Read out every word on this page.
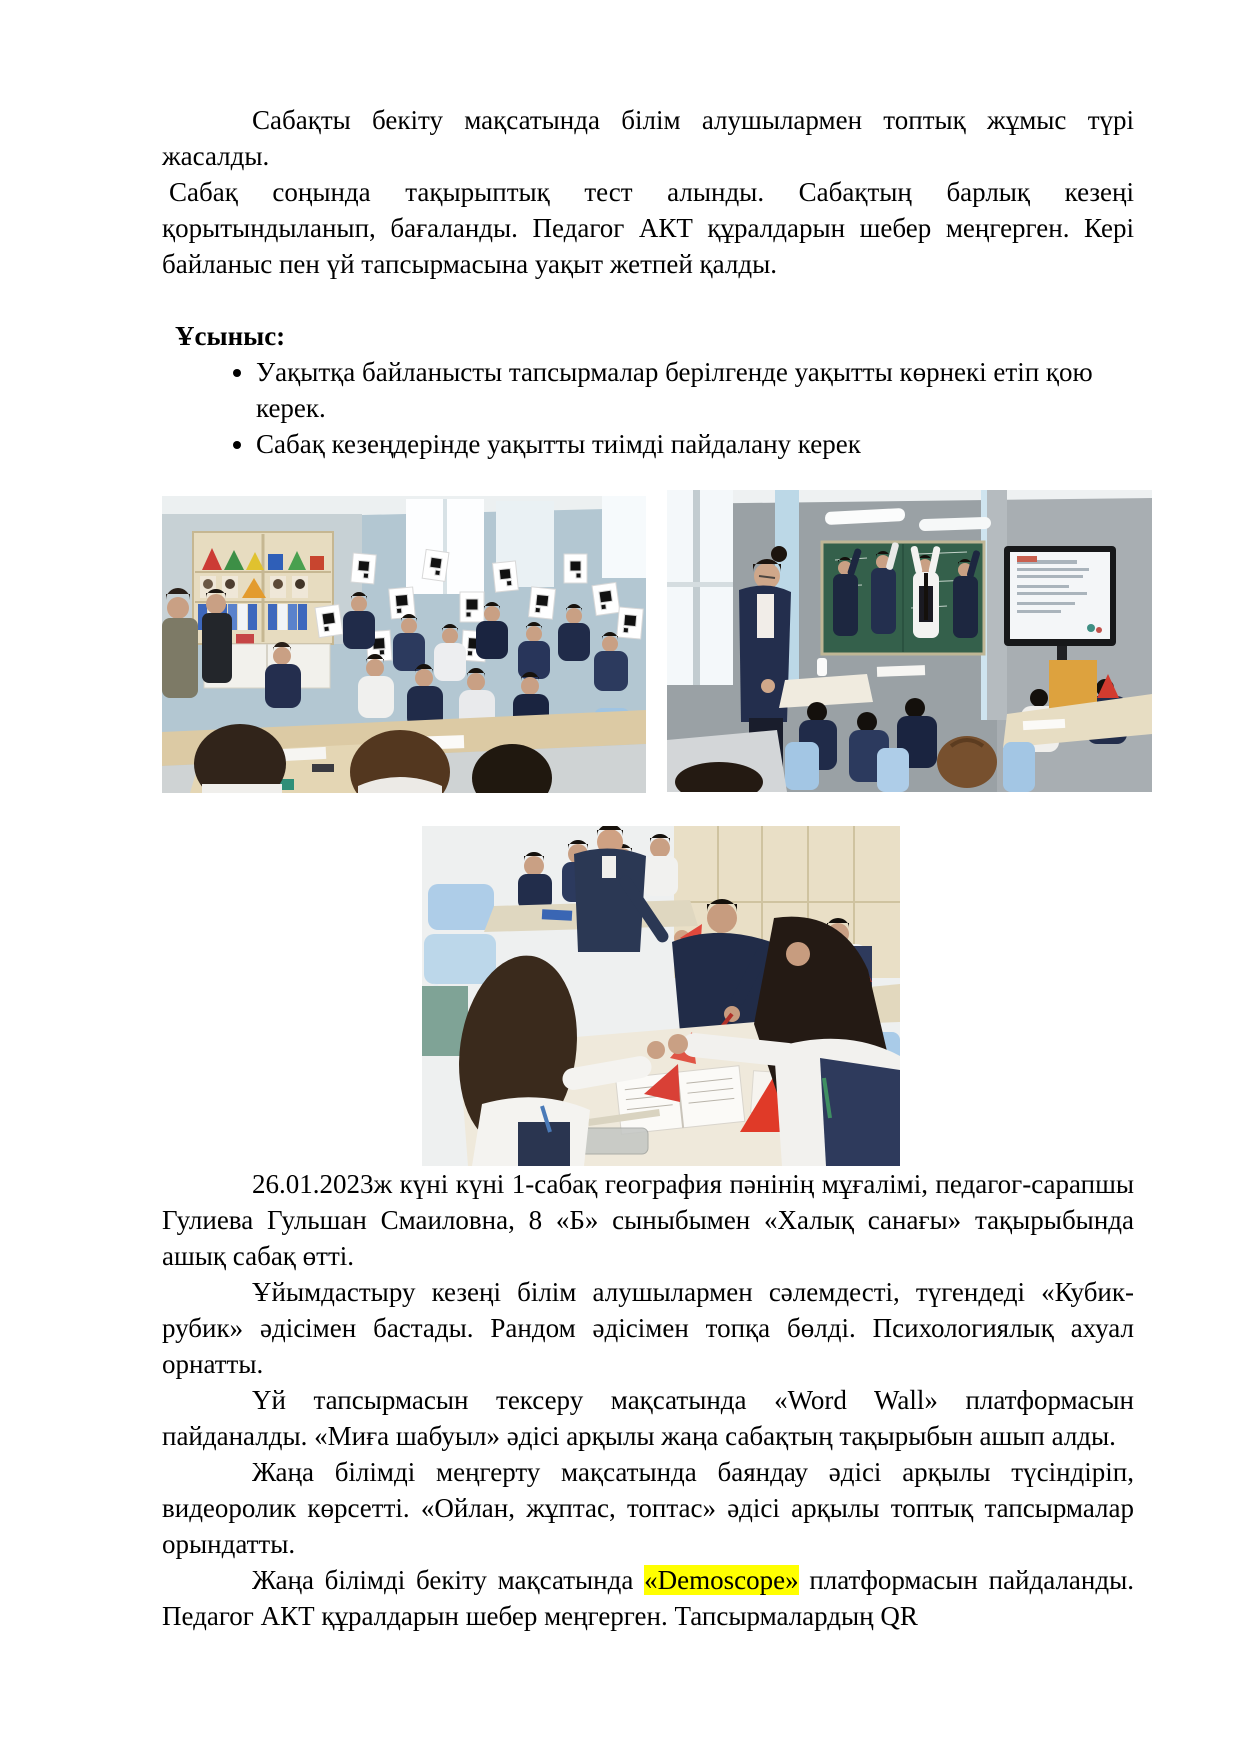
Сабақты бекіту мақсатында білім алушылармен топтық жұмыс түрі жасалды.

Сабақ соңында тақырыптық тест алынды. Сабақтың барлық кезеңі қорытындыланып, бағаланды. Педагог АКТ құралдарын шебер меңгерген. Кері байланыс пен үй тапсырмасына уақыт жетпей қалды.

Ұсыныс:

• Уақытқа байланысты тапсырмалар берілгенде уақытты көрнекі етіп қою керек.
• Сабақ кезеңдерінде уақытты тиімді пайдалану керек

26.01.2023ж күні күні 1-сабақ география пәнінің мұғалімі, педагог-сарапшы Гулиева Гульшан Смаиловна, 8 «Б» сыныбымен «Халық санағы» тақырыбында ашық сабақ өтті.

Ұйымдастыру кезеңі білім алушылармен сәлемдесті, түгендеді «Кубик-рубик» әдісімен бастады. Рандом әдісімен топқа бөлді. Психологиялық ахуал орнатты.

Үй тапсырмасын тексеру мақсатында «Word Wall» платформасын пайданалды. «Миға шабуыл» әдісі арқылы жаңа сабақтың тақырыбын ашып алды.

Жаңа білімді меңгерту мақсатында баяндау әдісі арқылы түсіндіріп, видеоролик көрсетті. «Ойлан, жұптас, топтас» әдісі арқылы топтық тапсырмалар орындатты.

Жаңа білімді бекіту мақсатында «Demoscope» платформасын пайдаланды. Педагог АКТ құралдарын шебер меңгерген. Тапсырмалардың QR
